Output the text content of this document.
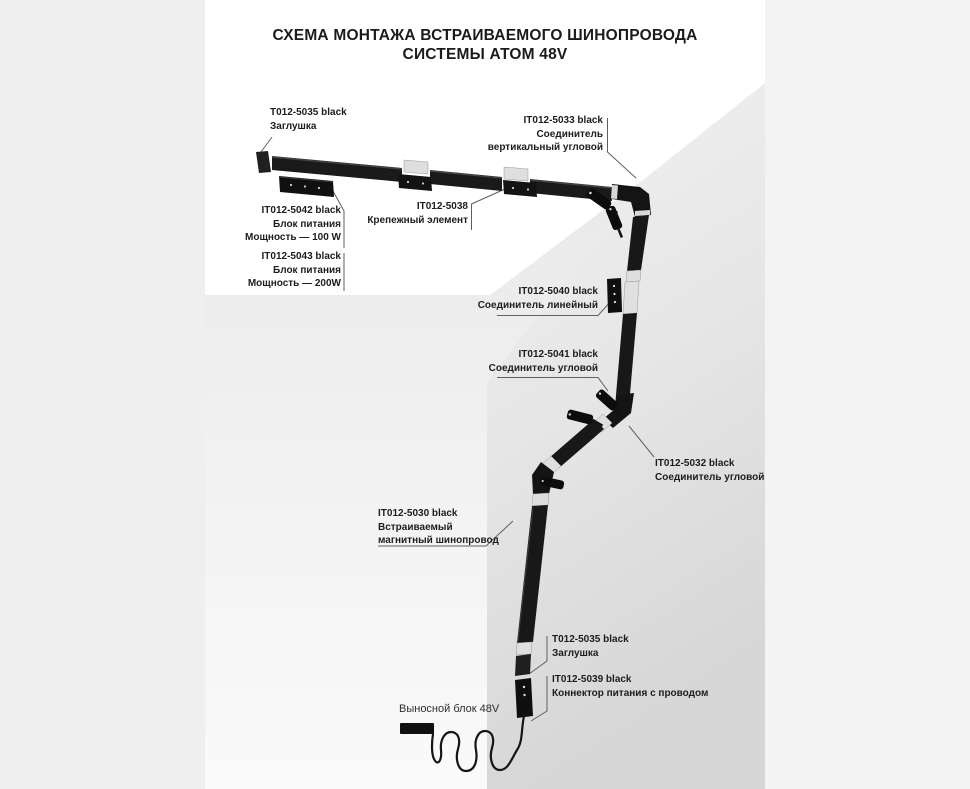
СХЕМА МОНТАЖА ВСТРАИВАЕМОГО ШИНОПРОВОДА
СИСТЕМЫ АТОМ 48V
T012-5035 black
Заглушка
IT012-5033 black
Соединитель
вертикальный угловой
IT012-5038
Крепежный элемент
IT012-5042 black
Блок питания
Мощность — 100 W
IT012-5043 black
Блок питания
Мощность — 200W
IT012-5040 black
Соединитель линейный
IT012-5041 black
Соединитель угловой
IT012-5032 black
Соединитель угловой
IT012-5030 black
Встраиваемый
магнитный шинопровод
T012-5035 black
Заглушка
IT012-5039 black
Коннектор питания с проводом
Выносной блок 48V
